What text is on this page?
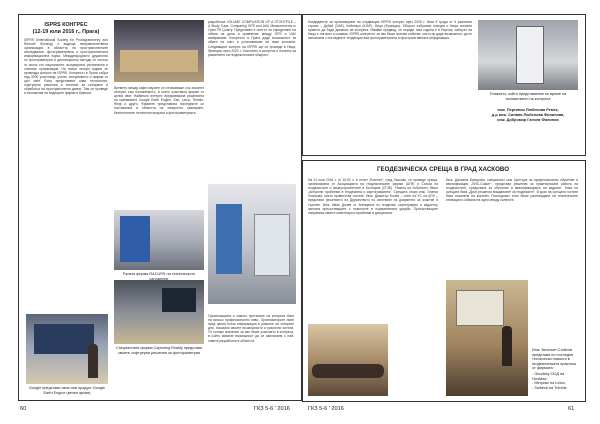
ISPRS КОНГРЕС
(12-19 юли 2016 г., Прага)
ISPRS (International Society for Photogrammetry and Remote Sensing) е водеща неправителствена организация в областта на пространствените изследвания, фотограметрията и пространствената информационна наука. Международното дружество по фотограметрия и дистанционни методи се състои от около сто национални, асоциирани, регионални и членове организации. На всеки четири години се провежда конгрес на ISPRS. Конгресът в Прага събра над 3000 участници, учени, специалисти и фирми от цял свят. Бяха представени нови технологии, софтуерни решения и системи за събиране и обработка на пространствени данни. Там се проведе и изложение на водещите фирми в бранша.
Google представи своя нов продукт Google Earth Engine (вечен архив)
Времето между кафе-паузите се отличаваше със засилен интерес към изложението, в което участваха фирми от целия свят. Наймного интерес предизвикаха решенията на компаниите Google Earth Engine, Esri, Leica, Trimble, Riegl и други. Фирмите представиха последните си постижения в областта на лазерното сканиране, безпилотните летателни апарати и фотограметрията.
Рулата фирма RACURS на техническото изложение
Специалната фирма Capturing Reality представи своите софтуерни решения за фотограметрия
Организацията и самото протичане на конгреса бяха на високо професионално ниво. Организаторите имат пред целия поток информация в рамките на четирите дни, показаха своите възможности и различни хотели. От голямо значение за нас беше участието в конгреса, в който имахме възможност да се запознаем с най-новите разработки в областта.
разработка VOLUME COMPILATION OF A STOCKPILE – A Study Case, Comparing GPS and UAV Measurements in Open Pit Quarry. Представен е опитът за определяне на обеми на депа и сравнение между GPS и UAV измервания. Конгресът в Прага даде възможност за обмен на опит и установяване на нови контакти. Следващият конгрес на ISPRS ще се проведе в Ница, Франция, през 2020 г. Участието в конгреса е полезно за развитието на геодезическата общност.
60	ГКЗ 5-6 ' 2016
Кандидатите за организиране на следващия ISPRS конгрес през 2020 г. бяха 5 града от 3 различни страни – Дубай (ОАЕ), Кейптаун (ЮАР), Ница (Франция). Общото събрание гласува и Ница спечели правото да бъде домакин на конгреса. Имайки предвид, че поради тази година е в Европа, изборът на Ница е логичен и очакван. ISPRS конгресът за нас беше значим събитие, което ни даде възможност да се запознаем с последните тенденции във фотограметрията и пространствената информация.
Плакатът, който представихме по време на изложението на конгреса
инж. Пергиния Любенова Ремек,
д-р инж. Силвия Любенова Филипова,
инж. Добромир Ганчев Филипов
ГЕОДЕЗИЧЕСКА СРЕЩА В ГРАД ХАСКОВО
На 21 юли 2016 г. от 10:00 ч. в хотел „Ригелит“, град Хасково, се проведе среща, организирана от Асоциацията на геодезическите фирми (АГФ) и Съюза на геодезистите и земеустроителите в България (СГЗБ). Темата на събитието беше „Актуални проблеми в геодезията и картографията“. Срещата откри инж. Златка Златкова, която приветства гостите. Инж. Димитър Бочев – член на УС на АГФ – представи решението на Дружеството по изготвяне на документи за участие в търгове. Инж. Иван Дачев от Агенцията по геодезия, картография и кадастър запозна присъстващите с новостите в нормативната уредба. Присъстващите направиха своите коментари и проблеми в дискусията.
Инж. Даниела Бакърова, специалист към Центъра за професионално обучение и квалификация „ПИС-Софит“, представи решения за практическата работа на геодезистите, средствата за обучение и квалификацията на кадрите. Тема на срещата бяха „Дрон решения вижданияте за геодезиите“. В края на срещата гостите бяха поканени на коктейл. Последният етап беше разглеждане на техническите иновации и обмяна на идеи между колегите.
Инж. Веселин Стойков представи по последни технически новости в геодезическата практика от фирмата:
- Geodesy ООД на GeoMax;
- Метрикс на Leica;
- Solitech на Trimble.
ГКЗ 5-6 ' 2016	61
